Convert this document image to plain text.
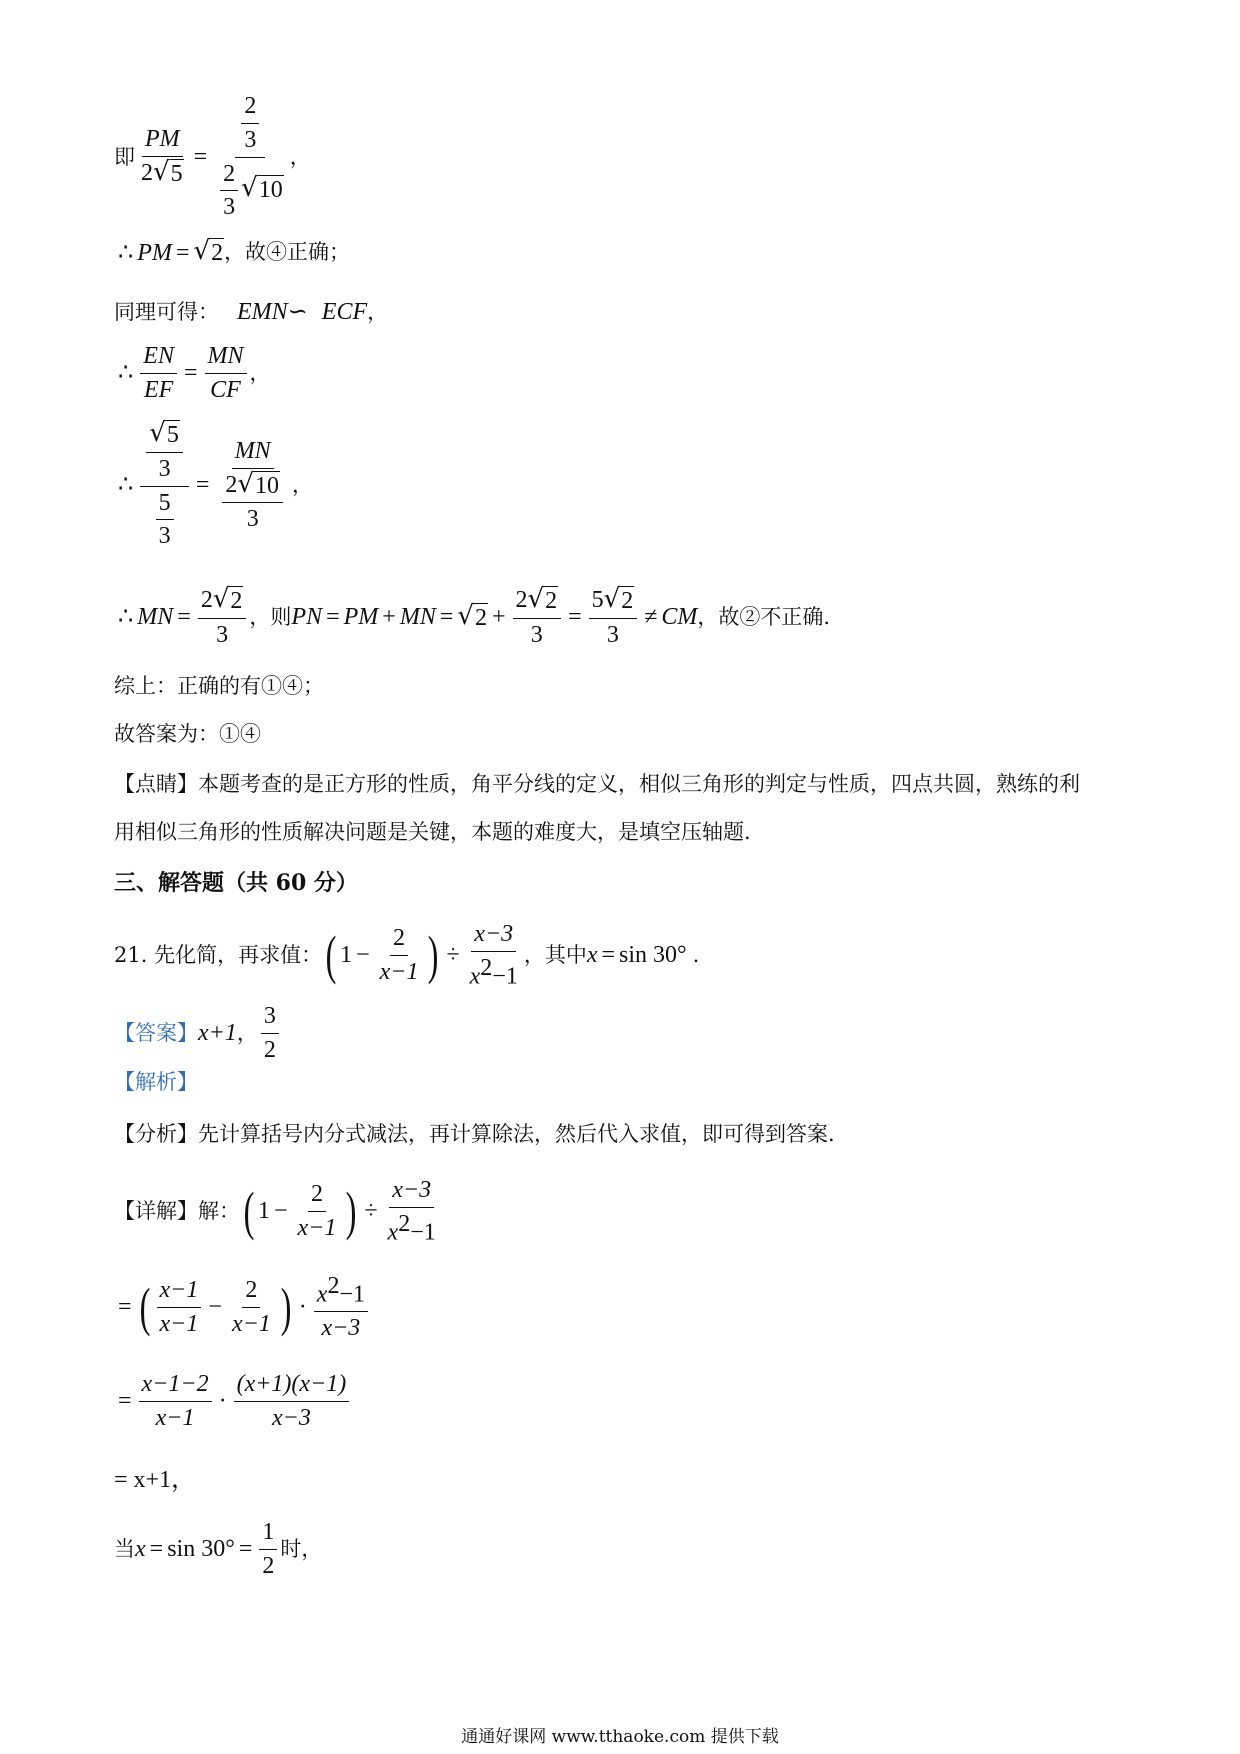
即 $\frac{PM}{2 √ 5} = \frac{\frac{2}{3}}{\frac{2}{3} √ 10}$ ，
∴ PM = √ 2 ，故④正确；
同理可得： EMN ∽ ECF ，
∴ $\frac{EN}{EF} = \frac{MN}{CF}$ ，
∴ $\frac{\frac{√ 5}{3}}{\frac{5}{3}} = \frac{MN}{\frac{2 √ 10}{3}}$ ，
∴ MN = $\frac{2 √ 2}{3}$ ，则 PN = PM + MN = √ $2 + \frac{2 √ 2}{3} = \frac{5 √ 2}{3}$ ≠ CM ，故②不正确.
综上：正确的有①④；
故答案为：①④
【点睛】本题考查的是正方形的性质，角平分线的定义，相似三角形的判定与性质，四点共圆，熟练的利
用相似三角形的性质解决问题是关键，本题的难度大，是填空压轴题.
三、解答题（共 60 分）
21. 先化简，再求值： ( $1 - \frac{2}{x-1}$ ) ÷ $\frac{x-3}{x^2-1}$ ，其中 x = sin 30° .
【答案】 x+1 ， $\frac{3}{2}$
【解析】
【分析】先计算括号内分式减法，再计算除法，然后代入求值，即可得到答案.
【详解】解： ( $1 - \frac{2}{x-1}$ ) ÷ $\frac{x-3}{x^2-1}$
= ( $\frac{x-1}{x-1} - \frac{2}{x-1}$ ) · $\frac{x^2-1}{x-3}$
= $\frac{x-1-2}{x-1} \cdot \frac{(x+1)(x-1)}{x-3}$
= x+1，
当 $x = \sin 30^\circ = \frac{1}{2}$ 时，
通通好课网 www.tthaoke.com 提供下载
